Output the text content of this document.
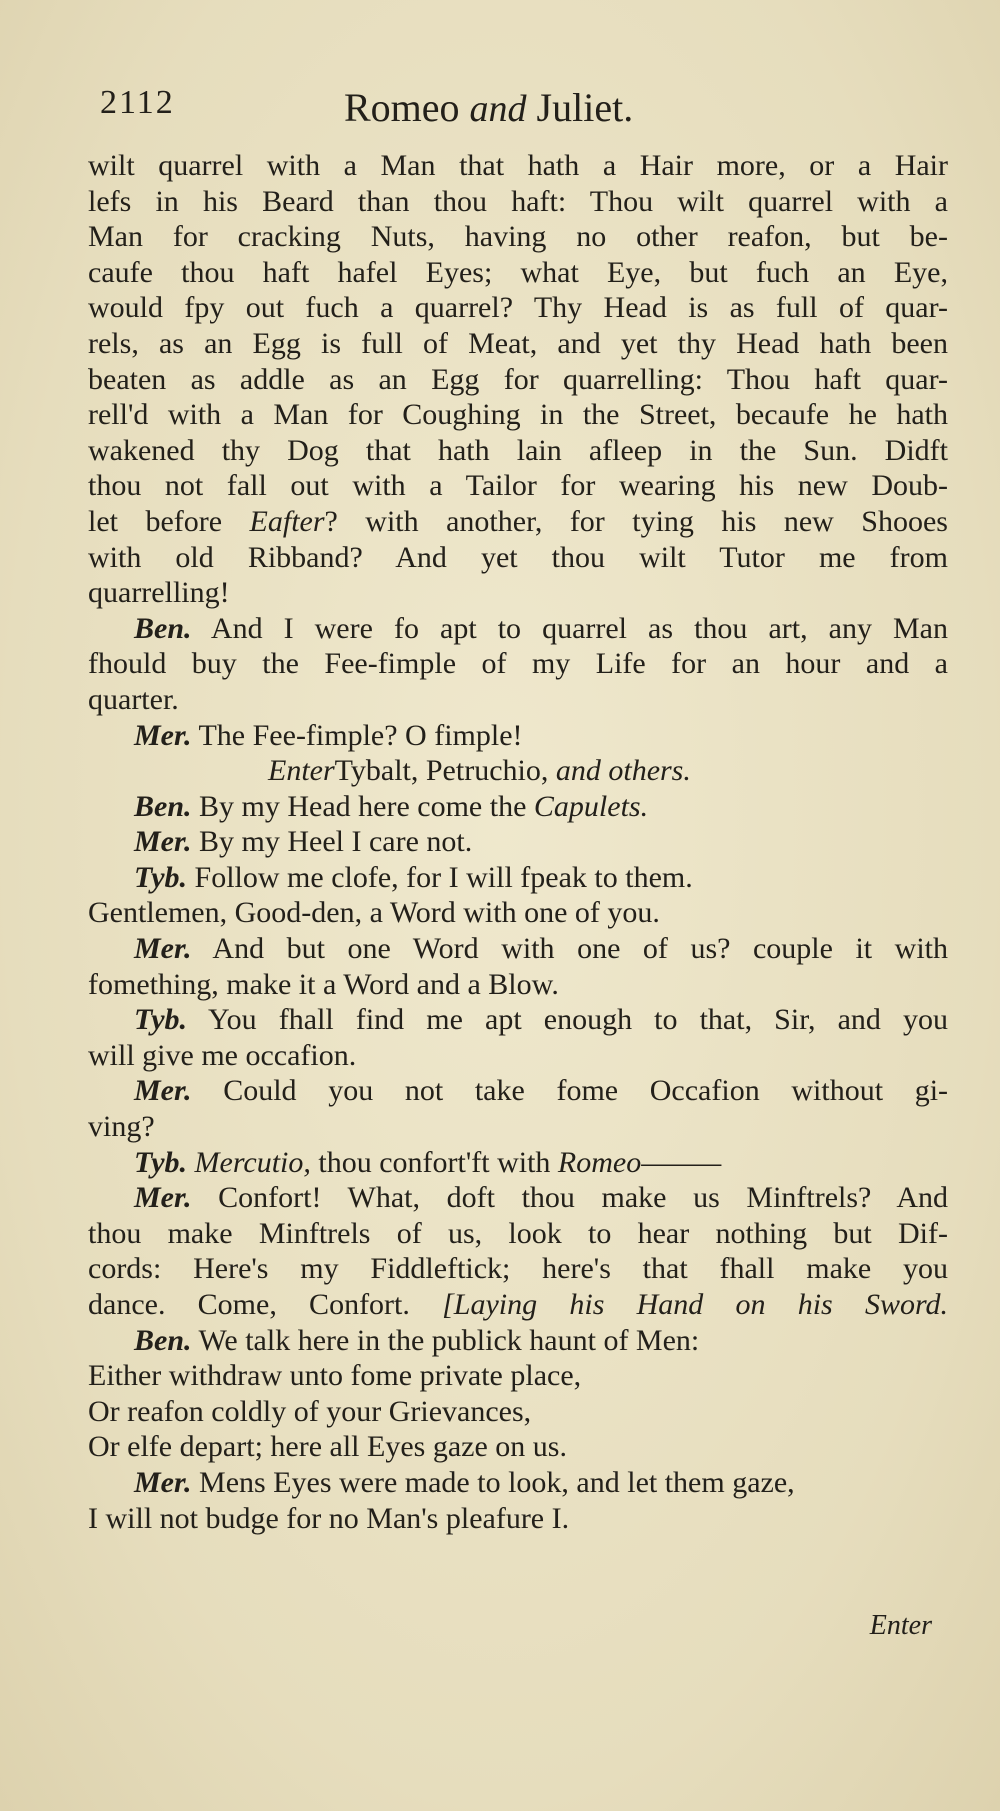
2112	Romeo and Juliet.
wilt quarrel with a Man that hath a Hair more, or a Hair
lefs in his Beard than thou haft: Thou wilt quarrel with a
Man for cracking Nuts, having no other reafon, but be-
caufe thou haft hafel Eyes; what Eye, but fuch an Eye,
would fpy out fuch a quarrel? Thy Head is as full of quar-
rels, as an Egg is full of Meat, and yet thy Head hath been
beaten as addle as an Egg for quarrelling: Thou haft quar-
rell'd with a Man for Coughing in the Street, becaufe he hath
wakened thy Dog that hath lain afleep in the Sun. Didft
thou not fall out with a Tailor for wearing his new Doub-
let before Eafter? with another, for tying his new Shooes
with old Ribband? And yet thou wilt Tutor me from
quarrelling!
Ben. And I were fo apt to quarrel as thou art, any Man
fhould buy the Fee-fimple of my Life for an hour and a
quarter.
Mer. The Fee-fimple? O fimple!
EnterTybalt, Petruchio, and others.
Ben. By my Head here come the Capulets.
Mer. By my Heel I care not.
Tyb. Follow me clofe, for I will fpeak to them.
Gentlemen, Good-den, a Word with one of you.
Mer. And but one Word with one of us? couple it with
fomething, make it a Word and a Blow.
Tyb. You fhall find me apt enough to that, Sir, and you
will give me occafion.
Mer. Could you not take fome Occafion without gi-
ving?
Tyb. Mercutio, thou confort'ft with Romeo———
Mer. Confort! What, doft thou make us Minftrels? And
thou make Minftrels of us, look to hear nothing but Dif-
cords: Here's my Fiddleftick; here's that fhall make you
dance. Come, Confort. [Laying his Hand on his Sword.
Ben. We talk here in the publick haunt of Men:
Either withdraw unto fome private place,
Or reafon coldly of your Grievances,
Or elfe depart; here all Eyes gaze on us.
Mer. Mens Eyes were made to look, and let them gaze,
I will not budge for no Man's pleafure I.
Enter
